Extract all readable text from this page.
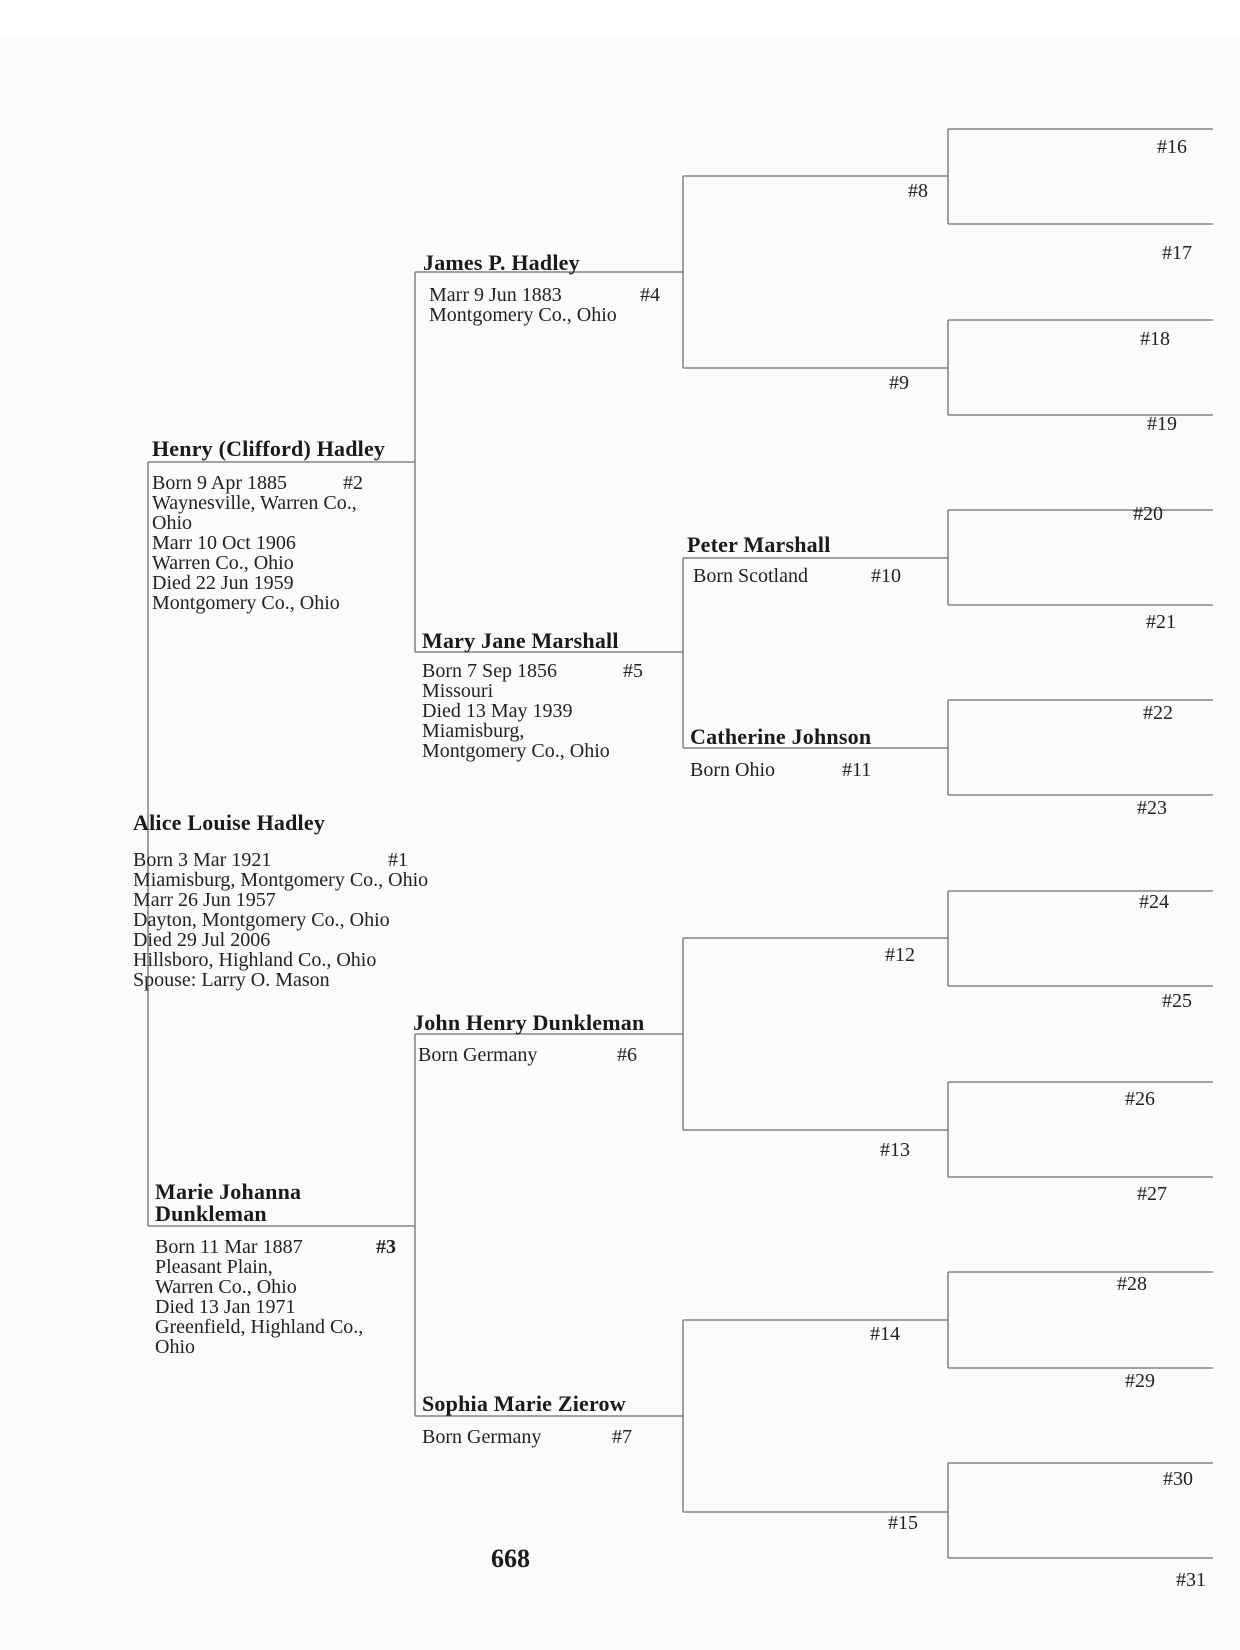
Alice Louise Hadley
Born 3 Mar 1921
Miamisburg, Montgomery Co., Ohio
Marr 26 Jun 1957
Dayton, Montgomery Co., Ohio
Died 29 Jul 2006
Hillsboro, Highland Co., Ohio
Spouse: Larry O. Mason
#1
Henry (Clifford) Hadley
Born 9 Apr 1885
Waynesville, Warren Co.,
Ohio
Marr 10 Oct 1906
Warren Co., Ohio
Died 22 Jun 1959
Montgomery Co., Ohio
#2
Marie Johanna
Dunkleman
Born 11 Mar 1887
Pleasant Plain,
Warren Co., Ohio
Died 13 Jan 1971
Greenfield, Highland Co.,
Ohio
#3
James P. Hadley
Marr 9 Jun 1883
Montgomery Co., Ohio
#4
Mary Jane Marshall
Born 7 Sep 1856
Missouri
Died 13 May 1939
Miamisburg,
Montgomery Co., Ohio
#5
John Henry Dunkleman
Born Germany	#6
Sophia Marie Zierow
Born Germany	#7
Peter Marshall
Born Scotland	#10
Catherine Johnson
Born Ohio	#11
#8
#9
#12
#13
#14
#15
#16
#17
#18
#19
#20
#21
#22
#23
#24
#25
#26
#27
#28
#29
#30
#31
668
